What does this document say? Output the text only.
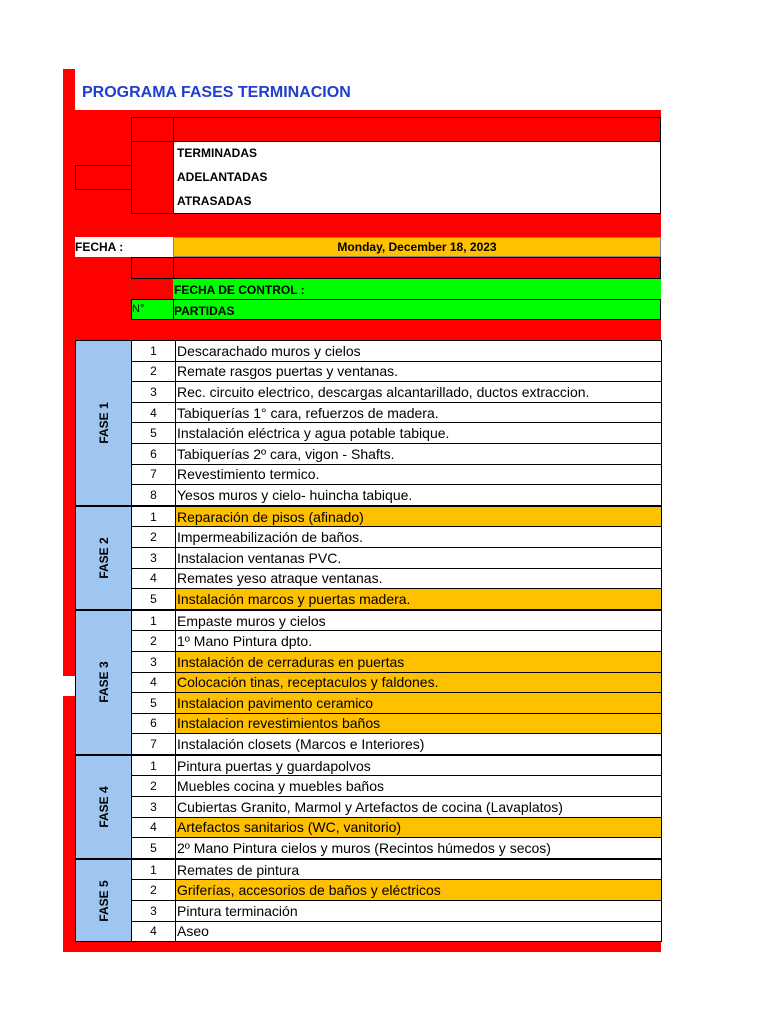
PROGRAMA FASES TERMINACION
TERMINADAS
ADELANTADAS
ATRASADAS
FECHA :	Monday, December 18, 2023
FECHA DE CONTROL :
N° PARTIDAS
FASE 1
1	Descarachado muros y cielos
2	Remate rasgos puertas y ventanas.
3	Rec. circuito electrico, descargas alcantarillado, ductos extraccion.
4	Tabiquerías 1° cara, refuerzos de madera.
5	Instalación eléctrica y agua potable tabique.
6	Tabiquerías 2º cara, vigon - Shafts.
7	Revestimiento termico.
8	Yesos muros y cielo- huincha tabique.
FASE 2
1	Reparación de pisos (afinado)
2	Impermeabilización de baños.
3	Instalacion ventanas PVC.
4	Remates yeso atraque ventanas.
5	Instalación marcos y puertas madera.
FASE 3
1	Empaste muros y cielos
2	1º Mano Pintura dpto.
3	Instalación de cerraduras en puertas
4	Colocación tinas, receptaculos y faldones.
5	Instalacion pavimento ceramico
6	Instalacion revestimientos baños
7	Instalación closets (Marcos e Interiores)
FASE 4
1	Pintura puertas y guardapolvos
2	Muebles cocina y muebles baños
3	Cubiertas Granito, Marmol y Artefactos de cocina (Lavaplatos)
4	Artefactos sanitarios (WC, vanitorio)
5	2º Mano Pintura cielos y muros (Recintos húmedos y secos)
FASE 5
1	Remates de pintura
2	Griferías, accesorios de baños y eléctricos
3	Pintura terminación
4	Aseo
